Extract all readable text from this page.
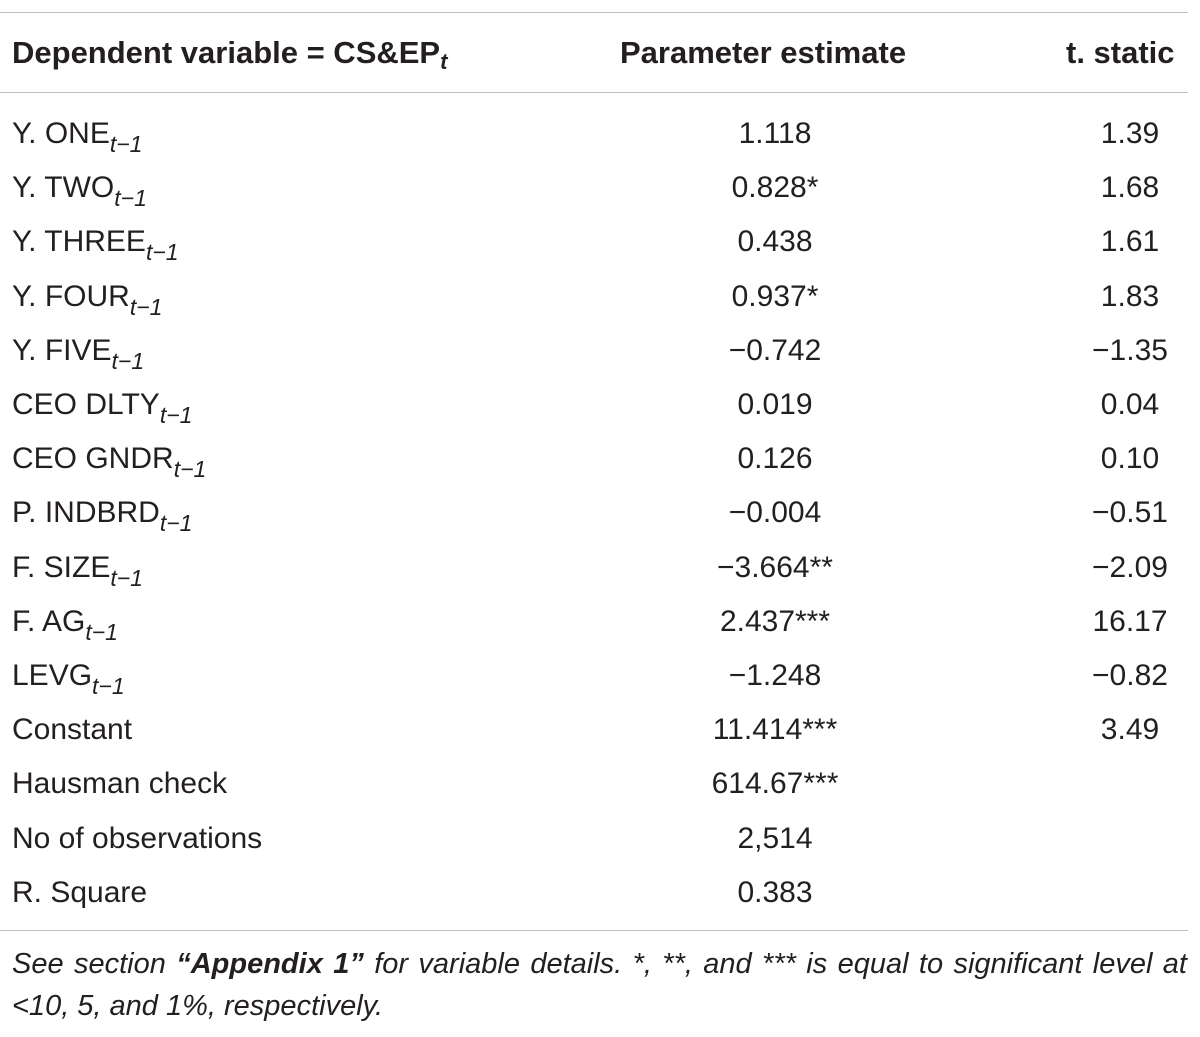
Dependent variable = $CS\&EP_t$	Parameter estimate	t. static
Y. $ONE_{t-1}$	1.118	1.39
Y. $TWO_{t-1}$	0.828*	1.68
Y. $THREE_{t-1}$	0.438	1.61
Y. $FOUR_{t-1}$	0.937*	1.83
Y. $FIVE_{t-1}$	−0.742	−1.35
CEO $DLTY_{t-1}$	0.019	0.04
CEO $GNDR_{t-1}$	0.126	0.10
P. $INDBRD_{t-1}$	−0.004	−0.51
F. $SIZE_{t-1}$	−3.664**	−2.09
F. $AG_{t-1}$	2.437***	16.17
$LEVG_{t-1}$	−1.248	−0.82
Constant	11.414***	3.49
Hausman check	614.67***
No of observations	2,514
R. Square	0.383
See section “Appendix 1” for variable details. *, **, and *** is equal to significant level at <10, 5, and 1%, respectively.
